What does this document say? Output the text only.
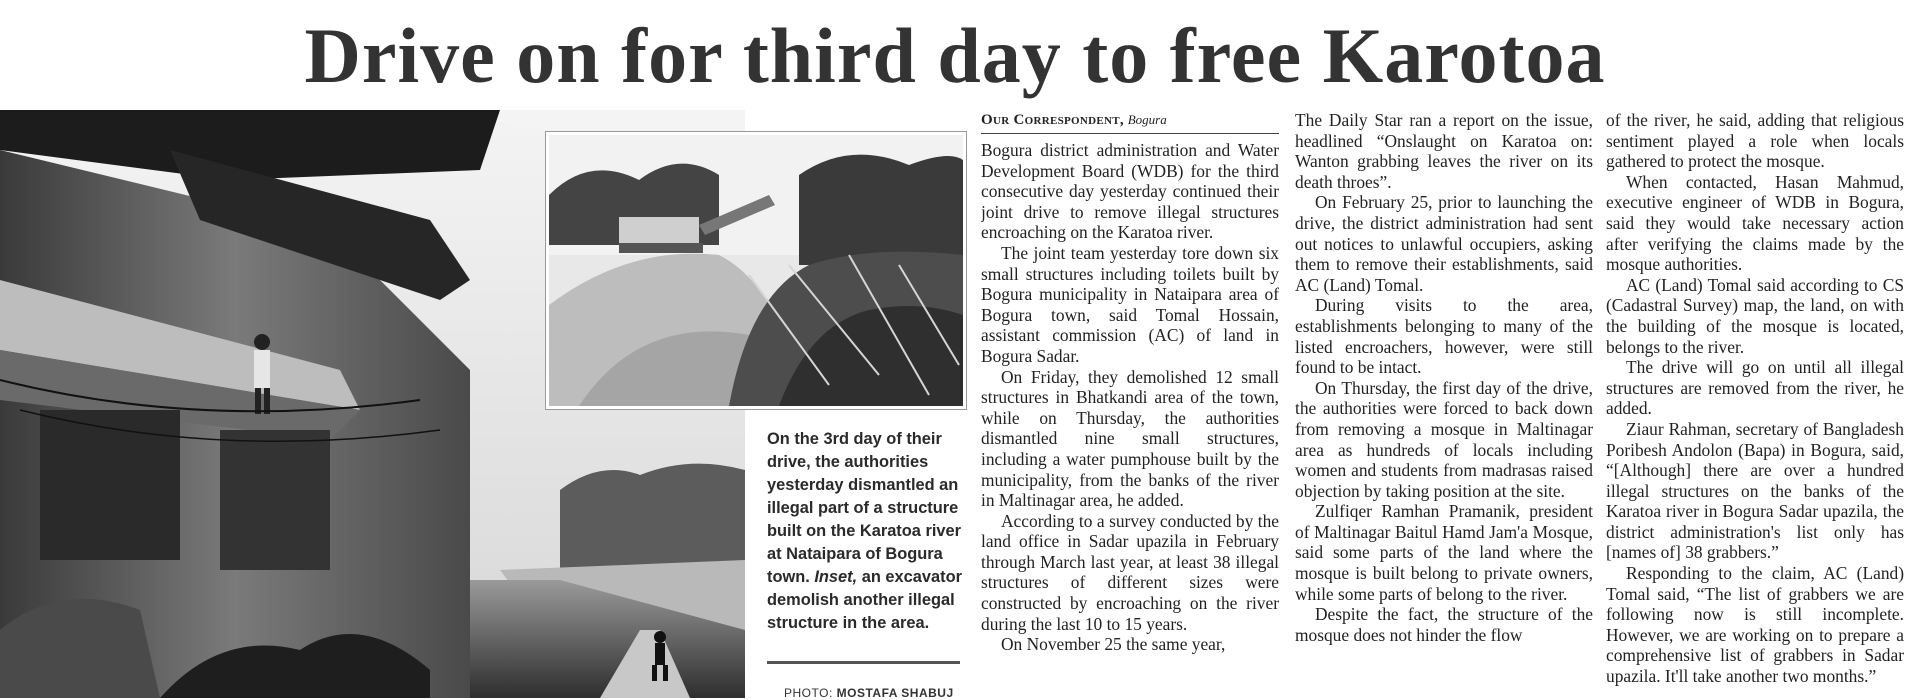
Drive on for third day to free Karotoa
On the 3rd day of their drive, the authorities yesterday dismantled an illegal part of a structure built on the Karatoa river at Nataipara of Bogura town. Inset, an excavator demolish another illegal structure in the area.
PHOTO: MOSTAFA SHABUJ
Our Correspondent, Bogura

Bogura district administration and Water Development Board (WDB) for the third consecutive day yesterday continued their joint drive to remove illegal structures encroaching on the Karatoa river.

The joint team yesterday tore down six small structures including toilets built by Bogura municipality in Nataipara area of Bogura town, said Tomal Hossain, assistant commission (AC) of land in Bogura Sadar.

On Friday, they demolished 12 small structures in Bhatkandi area of the town, while on Thursday, the authorities dismantled nine small structures, including a water pumphouse built by the municipality, from the banks of the river in Maltinagar area, he added.

According to a survey conducted by the land office in Sadar upazila in February through March last year, at least 38 illegal structures of different sizes were constructed by encroaching on the river during the last 10 to 15 years.

On November 25 the same year,

The Daily Star ran a report on the issue, headlined “Onslaught on Karatoa on: Wanton grabbing leaves the river on its death throes”.

On February 25, prior to launching the drive, the district administration had sent out notices to unlawful occupiers, asking them to remove their establishments, said AC (Land) Tomal.

During visits to the area, establishments belonging to many of the listed encroachers, however, were still found to be intact.

On Thursday, the first day of the drive, the authorities were forced to back down from removing a mosque in Maltinagar area as hundreds of locals including women and students from madrasas raised objection by taking position at the site.

Zulfiqer Ramhan Pramanik, president of Maltinagar Baitul Hamd Jam'a Mosque, said some parts of the land where the mosque is built belong to private owners, while some parts of belong to the river.

Despite the fact, the structure of the mosque does not hinder the flow

of the river, he said, adding that religious sentiment played a role when locals gathered to protect the mosque.

When contacted, Hasan Mahmud, executive engineer of WDB in Bogura, said they would take necessary action after verifying the claims made by the mosque authorities.

AC (Land) Tomal said according to CS (Cadastral Survey) map, the land, on with the building of the mosque is located, belongs to the river.

The drive will go on until all illegal structures are removed from the river, he added.

Ziaur Rahman, secretary of Bangladesh Poribesh Andolon (Bapa) in Bogura, said, “[Although] there are over a hundred illegal structures on the banks of the Karatoa river in Bogura Sadar upazila, the district administration's list only has [names of] 38 grabbers.”

Responding to the claim, AC (Land) Tomal said, “The list of grabbers we are following now is still incomplete. However, we are working on to prepare a comprehensive list of grabbers in Sadar upazila. It'll take another two months.”
